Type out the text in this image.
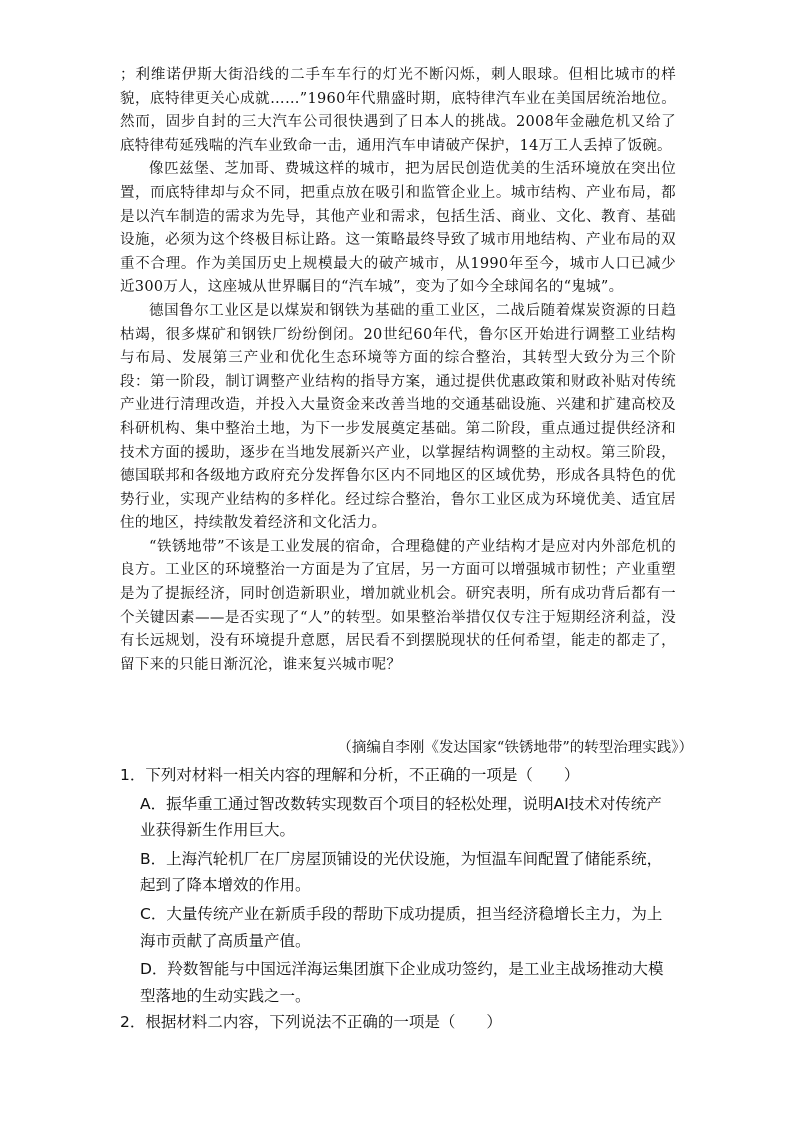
；利维诺伊斯大街沿线的二手车车行的灯光不断闪烁，刺人眼球。但相比城市的样貌，底特律更关心成就……”1960年代鼎盛时期，底特律汽车业在美国居统治地位。然而，固步自封的三大汽车公司很快遇到了日本人的挑战。2008年金融危机又给了底特律苟延残喘的汽车业致命一击，通用汽车申请破产保护，14万工人丢掉了饭碗。

像匹兹堡、芝加哥、费城这样的城市，把为居民创造优美的生活环境放在突出位置，而底特律却与众不同，把重点放在吸引和监管企业上。城市结构、产业布局，都是以汽车制造的需求为先导，其他产业和需求，包括生活、商业、文化、教育、基础设施，必须为这个终极目标让路。这一策略最终导致了城市用地结构、产业布局的双重不合理。作为美国历史上规模最大的破产城市，从1990年至今，城市人口已减少近300万人，这座城从世界瞩目的“汽车城”，变为了如今全球闻名的“鬼城”。

德国鲁尔工业区是以煤炭和钢铁为基础的重工业区，二战后随着煤炭资源的日趋枯竭，很多煤矿和钢铁厂纷纷倒闭。20世纪60年代，鲁尔区开始进行调整工业结构与布局、发展第三产业和优化生态环境等方面的综合整治，其转型大致分为三个阶段：第一阶段，制订调整产业结构的指导方案，通过提供优惠政策和财政补贴对传统产业进行清理改造，并投入大量资金来改善当地的交通基础设施、兴建和扩建高校及科研机构、集中整治土地，为下一步发展奠定基础。第二阶段，重点通过提供经济和技术方面的援助，逐步在当地发展新兴产业，以掌握结构调整的主动权。第三阶段，德国联邦和各级地方政府充分发挥鲁尔区内不同地区的区域优势，形成各具特色的优势行业，实现产业结构的多样化。经过综合整治，鲁尔工业区成为环境优美、适宜居住的地区，持续散发着经济和文化活力。

“铁锈地带”不该是工业发展的宿命，合理稳健的产业结构才是应对内外部危机的良方。工业区的环境整治一方面是为了宜居，另一方面可以增强城市韧性；产业重塑是为了提振经济，同时创造新职业，增加就业机会。研究表明，所有成功背后都有一个关键因素——是否实现了“人”的转型。如果整治举措仅仅专注于短期经济利益，没有长远规划，没有环境提升意愿，居民看不到摆脱现状的任何希望，能走的都走了，留下来的只能日渐沉沦，谁来复兴城市呢？

（摘编自李刚《发达国家“铁锈地带”的转型治理实践》）

1．下列对材料一相关内容的理解和分析，不正确的一项是（　　）

A．振华重工通过智改数转实现数百个项目的轻松处理，说明AI技术对传统产业获得新生作用巨大。

B．上海汽轮机厂在厂房屋顶铺设的光伏设施，为恒温车间配置了储能系统，起到了降本增效的作用。

C．大量传统产业在新质手段的帮助下成功提质，担当经济稳增长主力，为上海市贡献了高质量产值。

D．羚数智能与中国远洋海运集团旗下企业成功签约，是工业主战场推动大模型落地的生动实践之一。

2．根据材料二内容，下列说法不正确的一项是（　　）
